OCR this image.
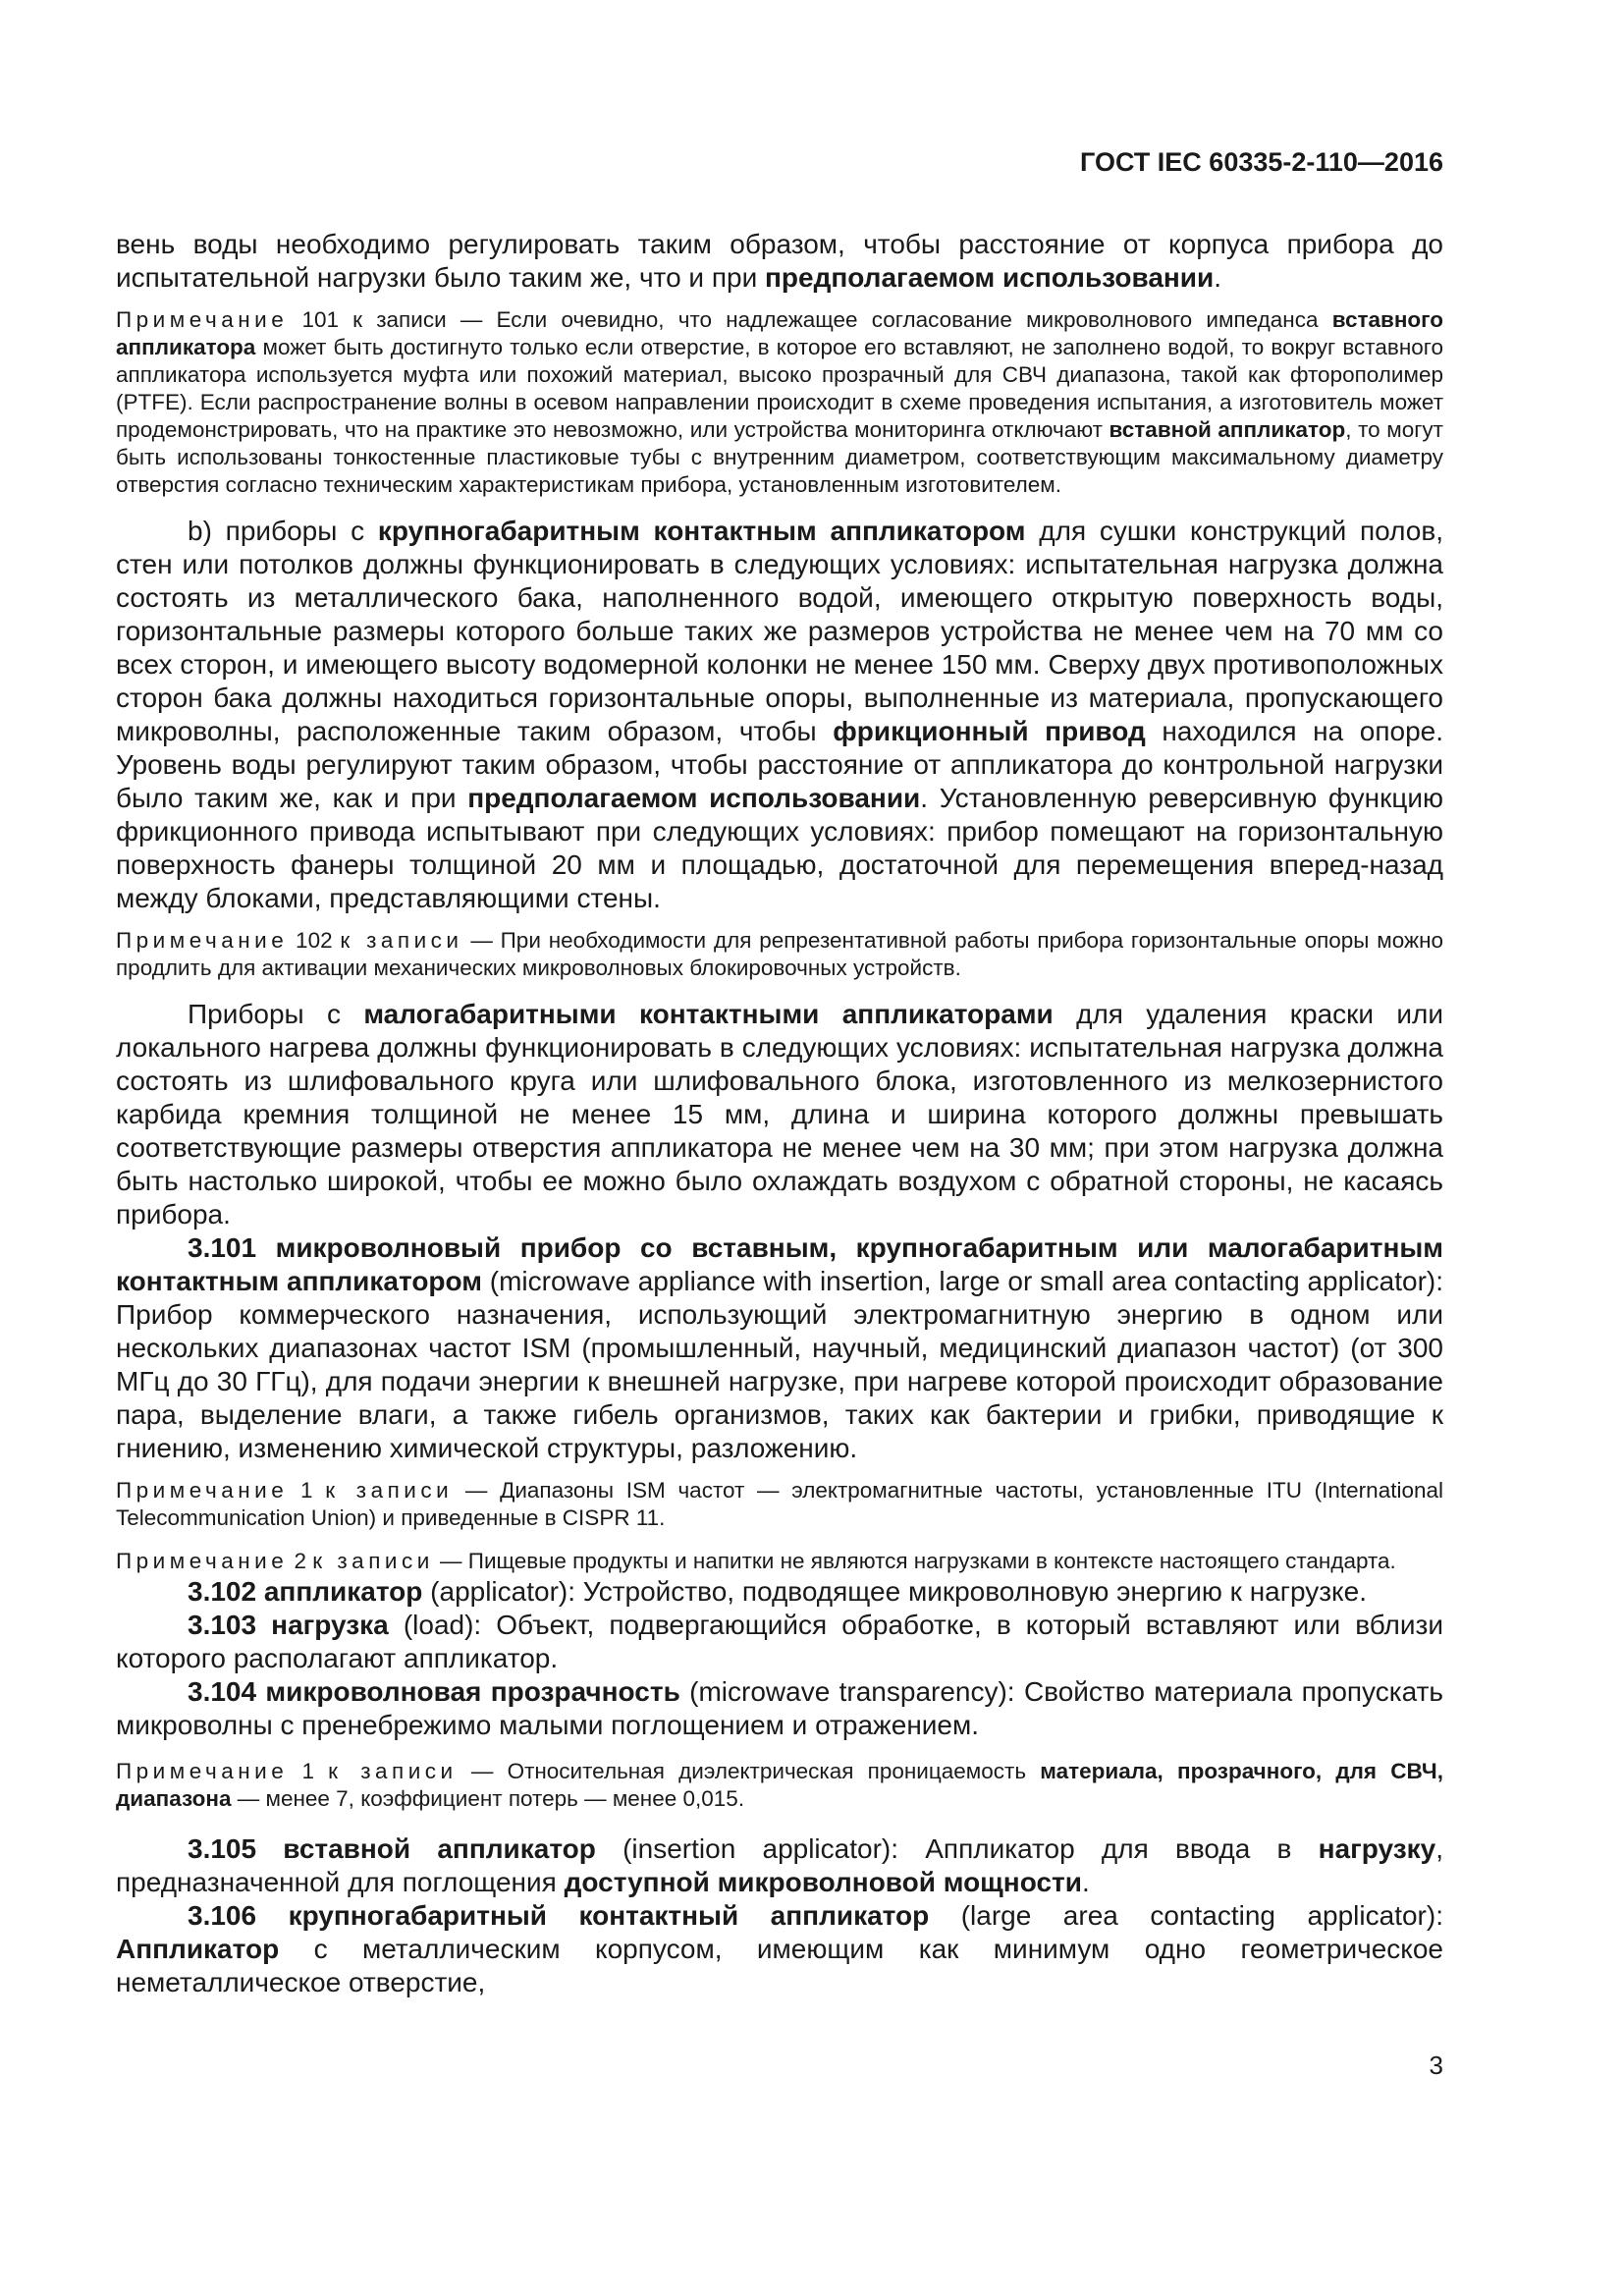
ГОСТ IEC 60335-2-110—2016

вень воды необходимо регулировать таким образом, чтобы расстояние от корпуса прибора до испытательной нагрузки было таким же, что и при предполагаемом использовании.

Примечание 101 к записи — Если очевидно, что надлежащее согласование микроволнового импеданса вставного аппликатора может быть достигнуто только если отверстие, в которое его вставляют, не заполнено водой, то вокруг вставного аппликатора используется муфта или похожий материал, высоко прозрачный для СВЧ диапазона, такой как фторополимер (PTFE). Если распространение волны в осевом направлении происходит в схеме проведения испытания, а изготовитель может продемонстрировать, что на практике это невозможно, или устройства мониторинга отключают вставной аппликатор, то могут быть использованы тонкостенные пластиковые тубы с внутренним диаметром, соответствующим максимальному диаметру отверстия согласно техническим характеристикам прибора, установленным изготовителем.

b) приборы с крупногабаритным контактным аппликатором для сушки конструкций полов, стен или потолков должны функционировать в следующих условиях: испытательная нагрузка должна состоять из металлического бака, наполненного водой, имеющего открытую поверхность воды, горизонтальные размеры которого больше таких же размеров устройства не менее чем на 70 мм со всех сторон, и имеющего высоту водомерной колонки не менее 150 мм. Сверху двух противоположных сторон бака должны находиться горизонтальные опоры, выполненные из материала, пропускающего микроволны, расположенные таким образом, чтобы фрикционный привод находился на опоре. Уровень воды регулируют таким образом, чтобы расстояние от аппликатора до контрольной нагрузки было таким же, как и при предполагаемом использовании. Установленную реверсивную функцию фрикционного привода испытывают при следующих условиях: прибор помещают на горизонтальную поверхность фанеры толщиной 20 мм и площадью, достаточной для перемещения вперед-назад между блоками, представляющими стены.

Примечание 102 к записи — При необходимости для репрезентативной работы прибора горизонтальные опоры можно продлить для активации механических микроволновых блокировочных устройств.

Приборы с малогабаритными контактными аппликаторами для удаления краски или локального нагрева должны функционировать в следующих условиях: испытательная нагрузка должна состоять из шлифовального круга или шлифовального блока, изготовленного из мелкозернистого карбида кремния толщиной не менее 15 мм, длина и ширина которого должны превышать соответствующие размеры отверстия аппликатора не менее чем на 30 мм; при этом нагрузка должна быть настолько широкой, чтобы ее можно было охлаждать воздухом с обратной стороны, не касаясь прибора.

3.101 микроволновый прибор со вставным, крупногабаритным или малогабаритным контактным аппликатором (microwave appliance with insertion, large or small area contacting applicator): Прибор коммерческого назначения, использующий электромагнитную энергию в одном или нескольких диапазонах частот ISM (промышленный, научный, медицинский диапазон частот) (от 300 МГц до 30 ГГц), для подачи энергии к внешней нагрузке, при нагреве которой происходит образование пара, выделение влаги, а также гибель организмов, таких как бактерии и грибки, приводящие к гниению, изменению химической структуры, разложению.

Примечание 1 к записи — Диапазоны ISM частот — электромагнитные частоты, установленные ITU (International Telecommunication Union) и приведенные в CISPR 11.

Примечание 2 к записи — Пищевые продукты и напитки не являются нагрузками в контексте настоящего стандарта.

3.102 аппликатор (applicator): Устройство, подводящее микроволновую энергию к нагрузке.

3.103 нагрузка (load): Объект, подвергающийся обработке, в который вставляют или вблизи которого располагают аппликатор.

3.104 микроволновая прозрачность (microwave transparency): Свойство материала пропускать микроволны с пренебрежимо малыми поглощением и отражением.

Примечание 1 к записи — Относительная диэлектрическая проницаемость материала, прозрачного, для СВЧ, диапазона — менее 7, коэффициент потерь — менее 0,015.

3.105 вставной аппликатор (insertion applicator): Аппликатор для ввода в нагрузку, предназначенной для поглощения доступной микроволновой мощности.

3.106 крупногабаритный контактный аппликатор (large area contacting applicator): Аппликатор с металлическим корпусом, имеющим как минимум одно геометрическое неметаллическое отверстие,

3
